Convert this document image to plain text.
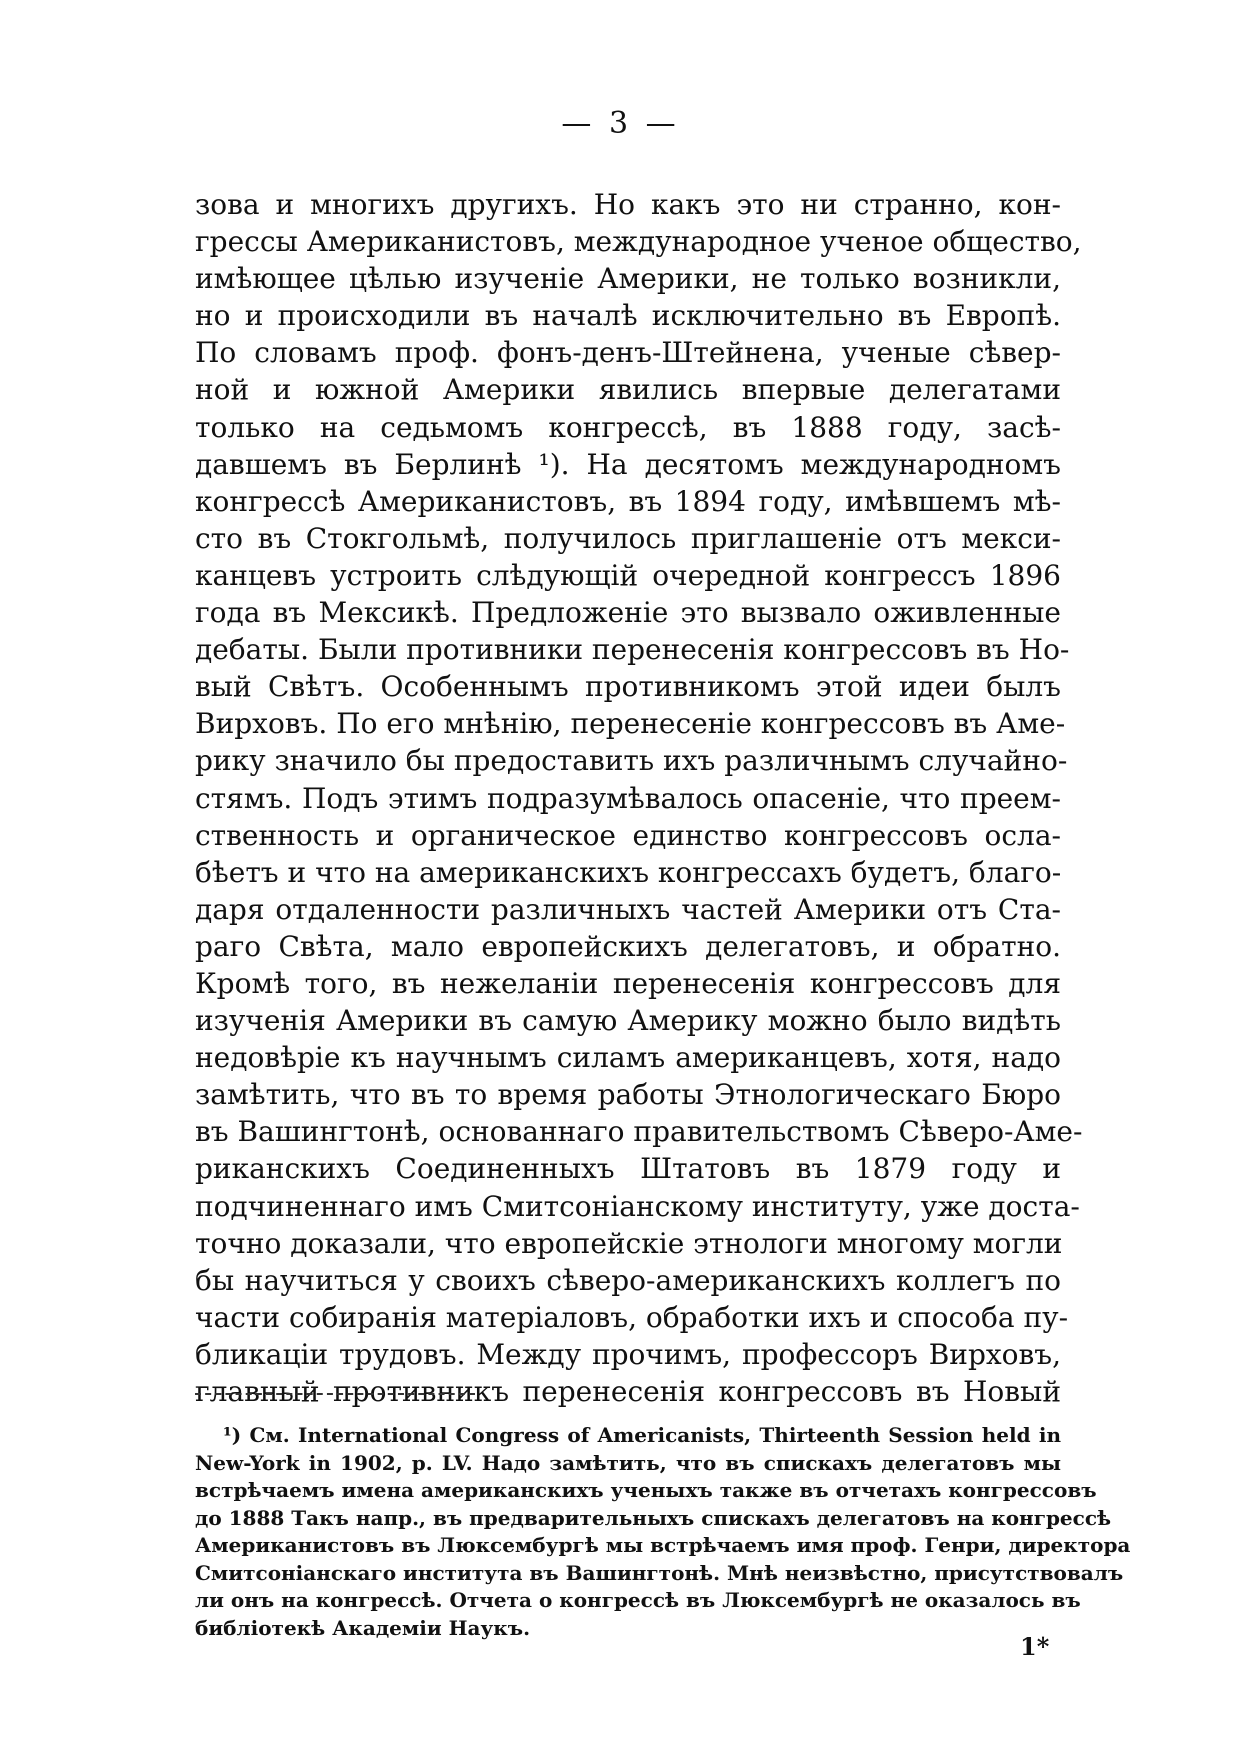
— 3 —
зова и многихъ другихъ. Но какъ это ни странно, кон-
грессы Американистовъ, международное ученое общество,
имѣющее цѣлью изученіе Америки, не только возникли,
но и происходили въ началѣ исключительно въ Европѣ.
По словамъ проф. фонъ-денъ-Штейнена, ученые сѣвер-
ной и южной Америки явились впервые делегатами
только на седьмомъ конгрессѣ, въ 1888 году, засѣ-
давшемъ въ Берлинѣ ¹). На десятомъ международномъ
конгрессѣ Американистовъ, въ 1894 году, имѣвшемъ мѣ-
сто въ Стокгольмѣ, получилось приглашеніе отъ мекси-
канцевъ устроить слѣдующій очередной конгрессъ 1896
года въ Мексикѣ. Предложеніе это вызвало оживленные
дебаты. Были противники перенесенія конгрессовъ въ Но-
вый Свѣтъ. Особеннымъ противникомъ этой идеи былъ
Вирховъ. По его мнѣнію, перенесеніе конгрессовъ въ Аме-
рику значило бы предоставить ихъ различнымъ случайно-
стямъ. Подъ этимъ подразумѣвалось опасеніе, что преем-
ственность и органическое единство конгрессовъ осла-
бѣетъ и что на американскихъ конгрессахъ будетъ, благо-
даря отдаленности различныхъ частей Америки отъ Ста-
раго Свѣта, мало европейскихъ делегатовъ, и обратно.
Кромѣ того, въ нежеланіи перенесенія конгрессовъ для
изученія Америки въ самую Америку можно было видѣть
недовѣріе къ научнымъ силамъ американцевъ, хотя, надо
замѣтить, что въ то время работы Этнологическаго Бюро
въ Вашингтонѣ, основаннаго правительствомъ Сѣверо-Аме-
риканскихъ Соединенныхъ Штатовъ въ 1879 году и
подчиненнаго имъ Смитсоніанскому институту, уже доста-
точно доказали, что европейскіе этнологи многому могли
бы научиться у своихъ сѣверо-американскихъ коллегъ по
части собиранія матеріаловъ, обработки ихъ и способа пу-
бликаціи трудовъ. Между прочимъ, профессоръ Вирховъ,
главный противникъ перенесенія конгрессовъ въ Новый
¹) См. International Congress of Americanists, Thirteenth Session held in
New-York in 1902, p. LV. Надо замѣтить, что въ спискахъ делегатовъ мы
встрѣчаемъ имена американскихъ ученыхъ также въ отчетахъ конгрессовъ
до 1888 Такъ напр., въ предварительныхъ спискахъ делегатовъ на конгрессѣ
Американистовъ въ Люксембургѣ мы встрѣчаемъ имя проф. Генри, директора
Смитсоніанскаго института въ Вашингтонѣ. Мнѣ неизвѣстно, присутствовалъ
ли онъ на конгрессѣ. Отчета о конгрессѣ въ Люксембургѣ не оказалось въ
библіотекѣ Академіи Наукъ.
1*
